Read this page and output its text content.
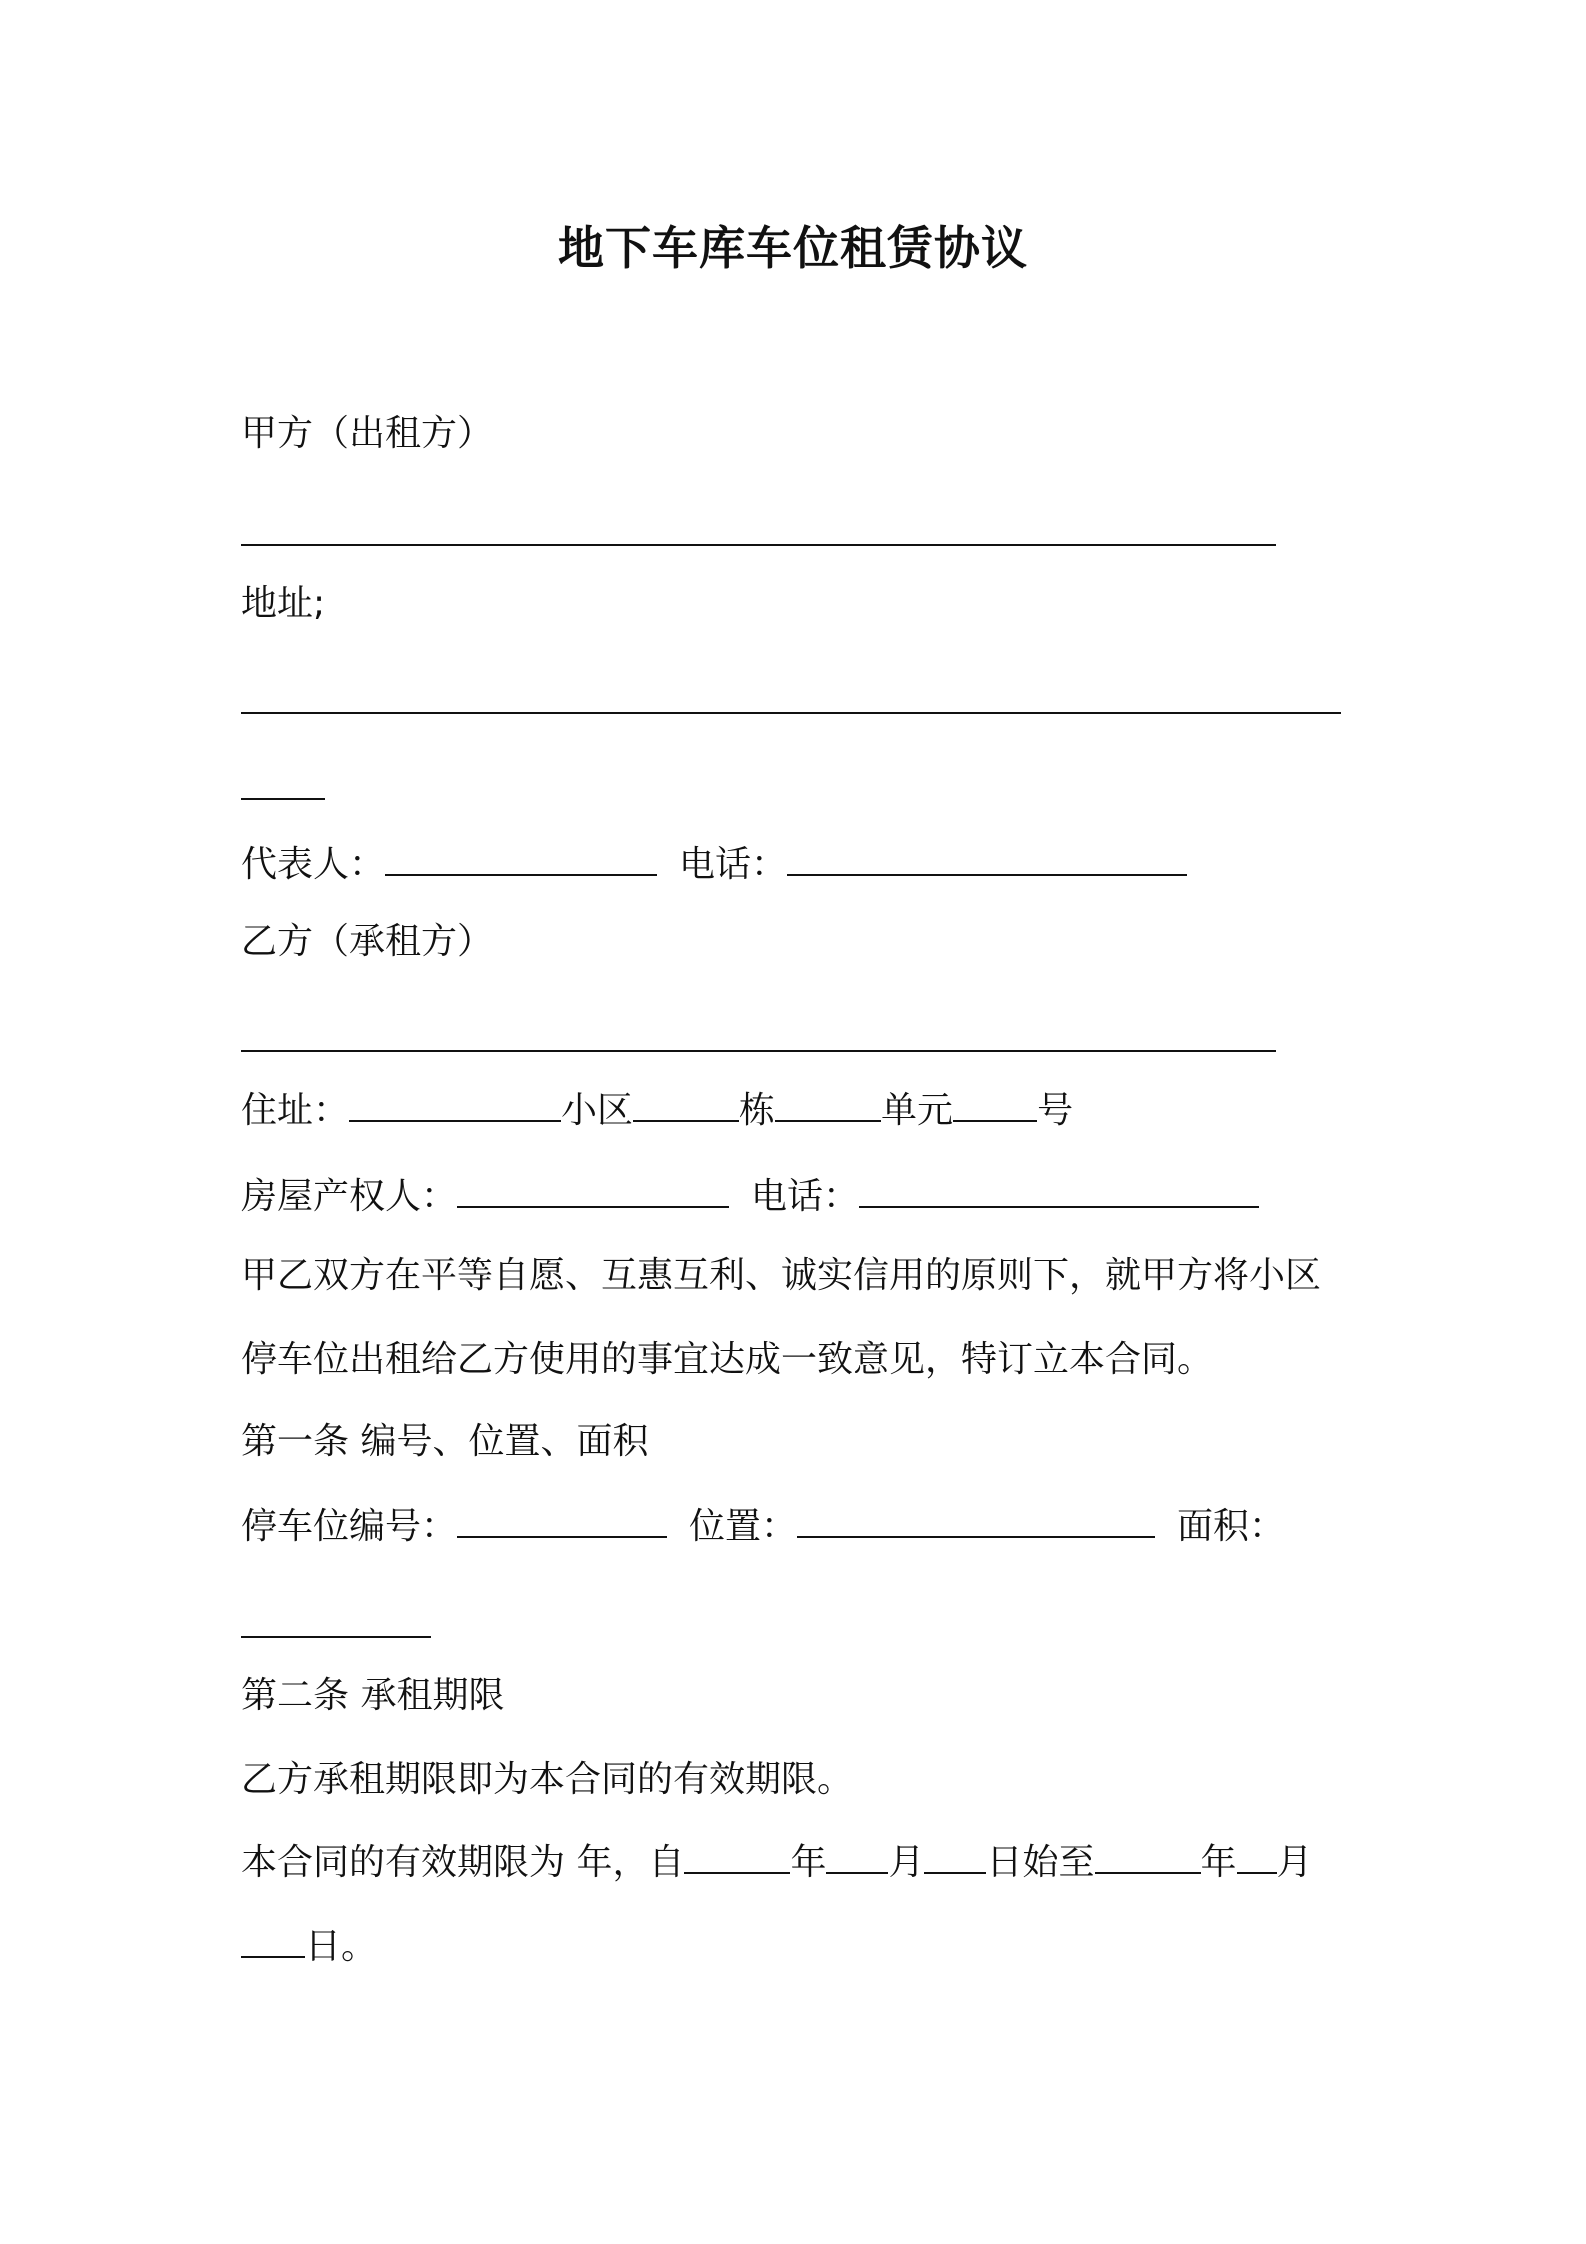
地下车库车位租赁协议
甲方（出租方）
地址;
代表人：	电话：
乙方（承租方）
住址：	小区	栋	单元 号
房屋产权人：	电话：
甲乙双方在平等自愿、互惠互利、诚实信用的原则下，就甲方将小区
停车位出租给乙方使用的事宜达成一致意见，特订立本合同。
第一条 编号、位置、面积
停车位编号：	位置：	面积：
第二条 承租期限
乙方承租期限即为本合同的有效期限。
本合同的有效期限为 年，自	年 月 日始至	年 月
日。
